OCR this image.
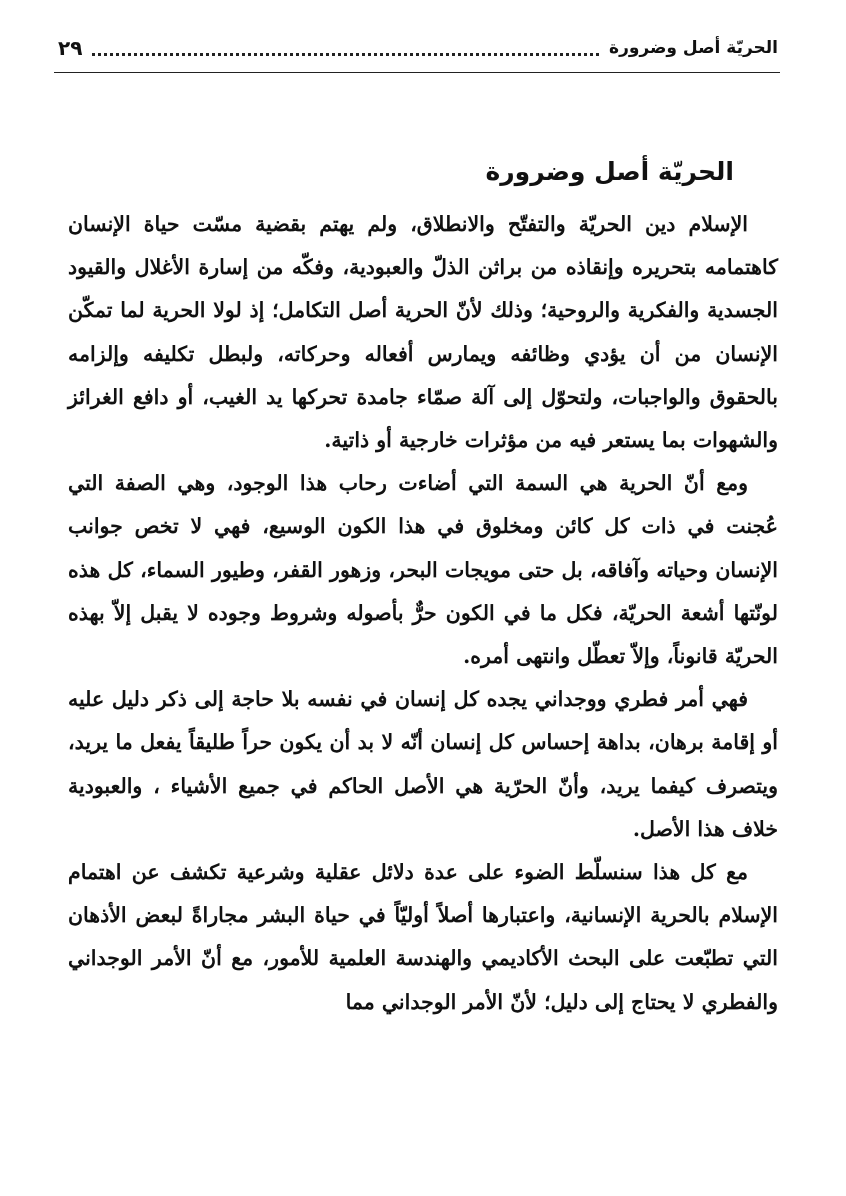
الحريّة أصل وضرورة
٢٩
الحريّة أصل وضرورة

الإسلام دين الحريّة والتفتّح والانطلاق، ولم يهتم بقضية مسّت حياة الإنسان كاهتمامه بتحريره وإنقاذه من براثن الذلّ والعبودية، وفكّه من إسارة الأغلال والقيود الجسدية والفكرية والروحية؛ وذلك لأنّ الحرية أصل التكامل؛ إذ لولا الحرية لما تمكّن الإنسان من أن يؤدي وظائفه ويمارس أفعاله وحركاته، ولبطل تكليفه وإلزامه بالحقوق والواجبات، ولتحوّل إلى آلة صمّاء جامدة تحركها يد الغيب، أو دافع الغرائز والشهوات بما يستعر فيه من مؤثرات خارجية أو ذاتية.

ومع أنّ الحرية هي السمة التي أضاءت رحاب هذا الوجود، وهي الصفة التي عُجنت في ذات كل كائن ومخلوق في هذا الكون الوسيع، فهي لا تخص جوانب الإنسان وحياته وآفاقه، بل حتى مويجات البحر، وزهور القفر، وطيور السماء، كل هذه لونّتها أشعة الحريّة، فكل ما في الكون حرٌّ بأصوله وشروط وجوده لا يقبل إلاّ بهذه الحريّة قانوناً، وإلاّ تعطّل وانتهى أمره.

فهي أمر فطري ووجداني يجده كل إنسان في نفسه بلا حاجة إلى ذكر دليل عليه أو إقامة برهان، بداهة إحساس كل إنسان أنّه لا بد أن يكون حراً طليقاً يفعل ما يريد، ويتصرف كيفما يريد، وأنّ الحرّية هي الأصل الحاكم في جميع الأشياء ، والعبودية خلاف هذا الأصل.

مع كل هذا سنسلّط الضوء على عدة دلائل عقلية وشرعية تكشف عن اهتمام الإسلام بالحرية الإنسانية، واعتبارها أصلاً أوليّاً في حياة البشر مجاراةً لبعض الأذهان التي تطبّعت على البحث الأكاديمي والهندسة العلمية للأمور، مع أنّ الأمر الوجداني والفطري لا يحتاج إلى دليل؛ لأنّ الأمر الوجداني مما
